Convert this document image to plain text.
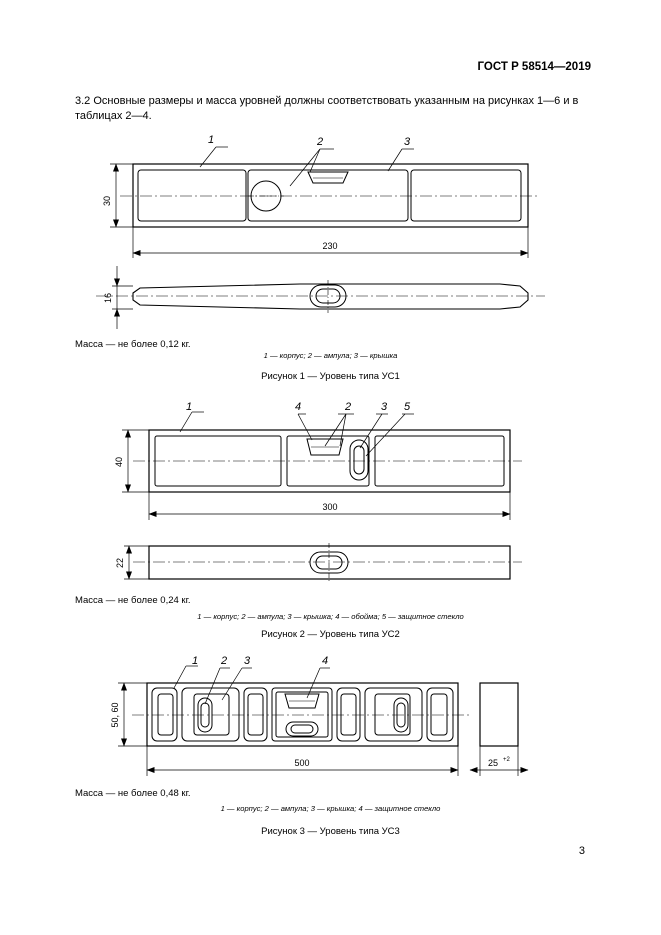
ГОСТ Р 58514—2019
3.2 Основные размеры и масса уровней должны соответствовать указанным на рисунках 1—6 и в таблицах 2—4.
1	2	3
1	4	2	3 5
1 2 3	4
30
230
16
40
300
22
50, 60
500	25 +2
Масса — не более 0,12 кг.
1 — корпус; 2 — ампула; 3 — крышка
Рисунок 1 — Уровень типа УС1
Масса — не более 0,24 кг.
1 — корпус; 2 — ампула; 3 — крышка; 4 — обойма; 5 — защитное стекло
Рисунок 2 — Уровень типа УС2
Масса — не более 0,48 кг.
1 — корпус; 2 — ампула; 3 — крышка; 4 — защитное стекло
Рисунок 3 — Уровень типа УС3
3
